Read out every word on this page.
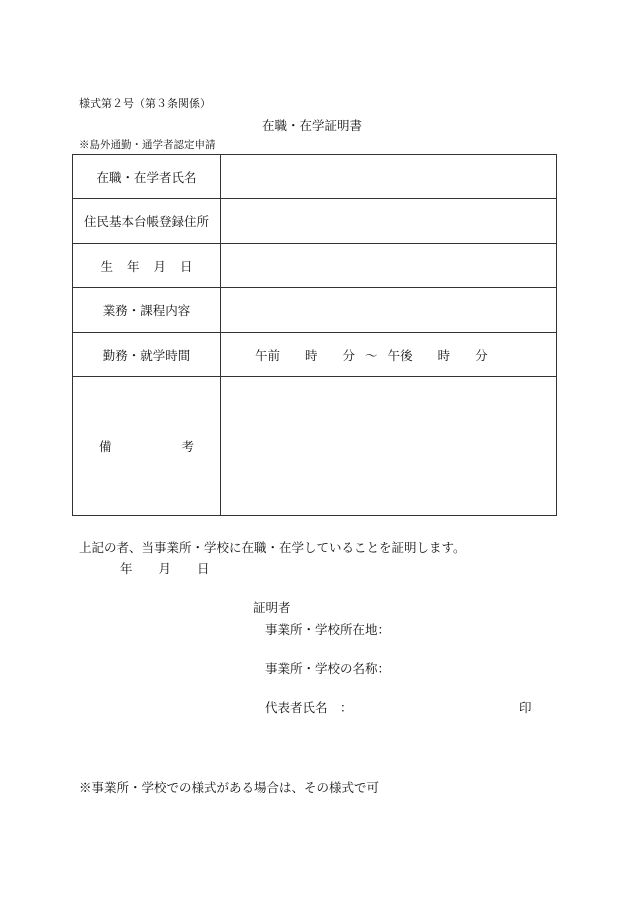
様式第２号（第３条関係）
在職・在学証明書
※島外通勤・通学者認定申請
在職・在学者氏名
住民基本台帳登録住所
生 年 月 日
業務・課程内容
勤務・就学時間	午前 時 分 ～ 午後 時 分
備	考
上記の者、当事業所・学校に在職・在学していることを証明します。
年 月 日
証明者
事業所・学校所在地：
事業所・学校の名称：
代表者氏名　：	印
※事業所・学校での様式がある場合は、その様式で可
